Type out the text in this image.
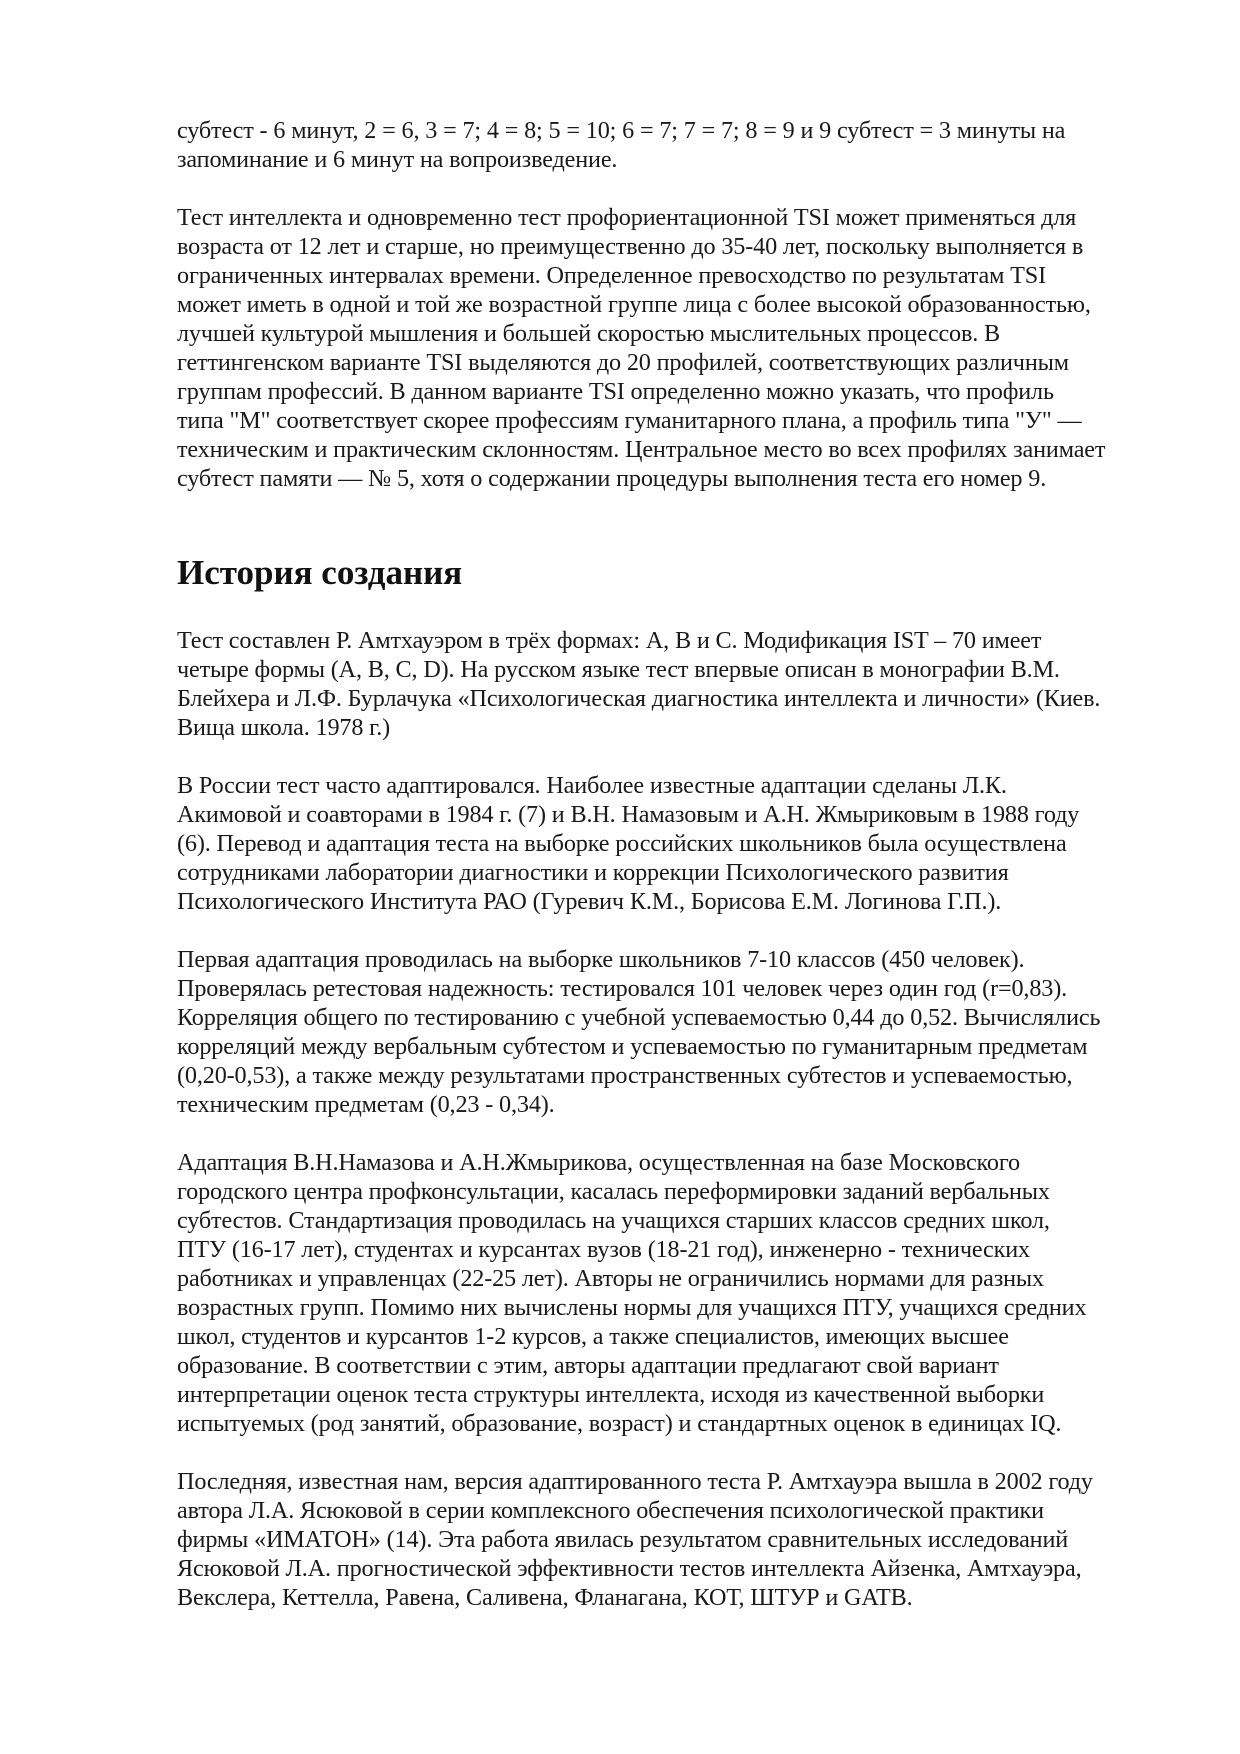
субтест - 6 минут, 2 = 6, 3 = 7; 4 = 8; 5 = 10; 6 = 7; 7 = 7; 8 = 9 и 9 субтест = 3 минуты на
запоминание и 6 минут на вопроизведение.

Тест интеллекта и одновременно тест профориентационной TSI может применяться для
возраста от 12 лет и старше, но преимущественно до 35-40 лет, поскольку выполняется в
ограниченных интервалах времени. Определенное превосходство по результатам TSI
может иметь в одной и той же возрастной группе лица с более высокой образованностью,
лучшей культурой мышления и большей скоростью мыслительных процессов. В
геттингенском варианте TSI выделяются до 20 профилей, соответствующих различным
группам профессий. В данном варианте TSI определенно можно указать, что профиль
типа "М" соответствует скорее профессиям гуманитарного плана, а профиль типа "У" —
техническим и практическим склонностям. Центральное место во всех профилях занимает
субтест памяти — № 5, хотя о содержании процедуры выполнения теста его номер 9.

История создания

Тест составлен Р. Амтхауэром в трёх формах: А, В и С. Модификация IST – 70 имеет
четыре формы (А, В, С, D). На русском языке тест впервые описан в монографии В.М.
Блейхера и Л.Ф. Бурлачука «Психологическая диагностика интеллекта и личности» (Киев.
Вища школа. 1978 г.)

В России тест часто адаптировался. Наиболее известные адаптации сделаны Л.К.
Акимовой и соавторами в 1984 г. (7) и В.Н. Намазовым и А.Н. Жмыриковым в 1988 году
(6). Перевод и адаптация теста на выборке российских школьников была осуществлена
сотрудниками лаборатории диагностики и коррекции Психологического развития
Психологического Института РАО (Гуревич К.М., Борисова Е.М. Логинова Г.П.).

Первая адаптация проводилась на выборке школьников 7-10 классов (450 человек).
Проверялась ретестовая надежность: тестировался 101 человек через один год (r=0,83).
Корреляция общего по тестированию с учебной успеваемостью 0,44 до 0,52. Вычислялись
корреляций между вербальным субтестом и успеваемостью по гуманитарным предметам
(0,20-0,53), а также между результатами пространственных субтестов и успеваемостью,
техническим предметам (0,23 - 0,34).

Адаптация В.Н.Намазова и А.Н.Жмырикова, осуществленная на базе Московского
городского центра профконсультации, касалась переформировки заданий вербальных
субтестов. Стандартизация проводилась на учащихся старших классов средних школ,
ПТУ (16-17 лет), студентах и курсантах вузов (18-21 год), инженерно - технических
работниках и управленцах (22-25 лет). Авторы не ограничились нормами для разных
возрастных групп. Помимо них вычислены нормы для учащихся ПТУ, учащихся средних
школ, студентов и курсантов 1-2 курсов, а также специалистов, имеющих высшее
образование. В соответствии с этим, авторы адаптации предлагают свой вариант
интерпретации оценок теста структуры интеллекта, исходя из качественной выборки
испытуемых (род занятий, образование, возраст) и стандартных оценок в единицах IQ.

Последняя, известная нам, версия адаптированного теста Р. Амтхауэра вышла в 2002 году
автора Л.А. Ясюковой в серии комплексного обеспечения психологической практики
фирмы «ИМАТОН» (14). Эта работа явилась результатом сравнительных исследований
Ясюковой Л.А. прогностической эффективности тестов интеллекта Айзенка, Амтхауэра,
Векслера, Кеттелла, Равена, Саливена, Фланагана, КОТ, ШТУР и GATB.
